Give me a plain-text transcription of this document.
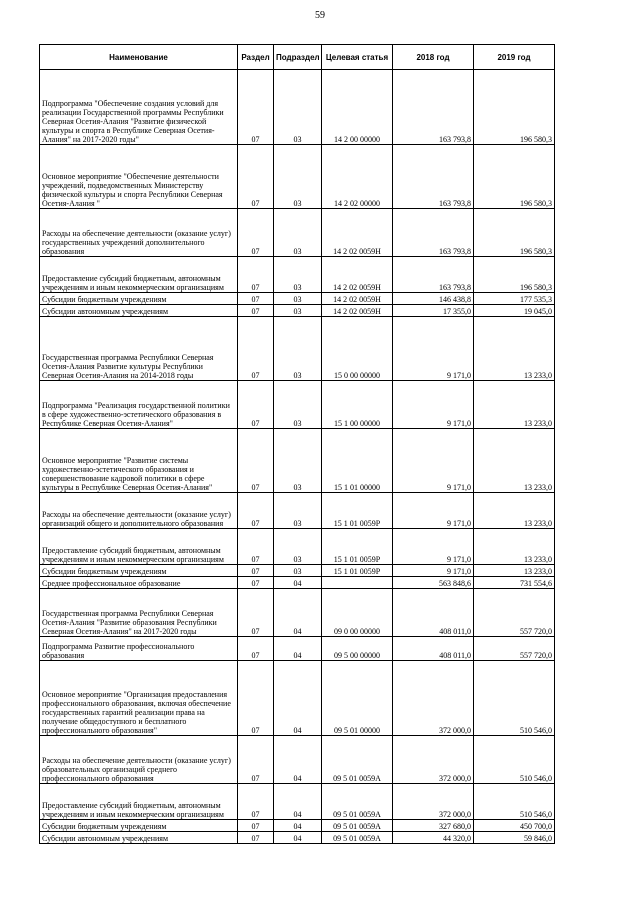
59
Наименование	Раздел	Подраздел	Целевая статья	2018 год	2019 год
Подпрограмма "Обеспечение создания условий для реализации Государственной программы Республики Северная Осетия-Алания "Развитие физической культуры и спорта в Республике Северная Осетия-Алания" на 2017-2020 годы"	07	03	14 2 00 00000	163 793,8	196 580,3
Основное мероприятие "Обеспечение деятельности учреждений, подведомственных Министерству физической культуры и спорта Республики Северная Осетия-Алания "	07	03	14 2 02 00000	163 793,8	196 580,3
Расходы на обеспечение деятельности (оказание услуг) государственных учреждений дополнительного образования	07	03	14 2 02 0059Н	163 793,8	196 580,3
Предоставление субсидий бюджетным, автономным учреждениям и иным некоммерческим организациям	07	03	14 2 02 0059Н	163 793,8	196 580,3
Субсидии бюджетным учреждениям	07	03	14 2 02 0059Н	146 438,8	177 535,3
Субсидии автономным учреждениям	07	03	14 2 02 0059Н	17 355,0	19 045,0
Государственная программа Республики Северная Осетия-Алания Развитие культуры Республики Северная Осетия-Алания на 2014-2018 годы	07	03	15 0 00 00000	9 171,0	13 233,0
Подпрограмма "Реализация государственной политики в сфере художественно-эстетического образования в Республике Северная Осетия-Алания"	07	03	15 1 00 00000	9 171,0	13 233,0
Основное мероприятие "Развитие системы художественно-эстетического образования и совершенствование кадровой политики в сфере культуры в Республике Северная Осетия-Алания"	07	03	15 1 01 00000	9 171,0	13 233,0
Расходы на обеспечение деятельности (оказание услуг) организаций общего и дополнительного образования	07	03	15 1 01 0059Р	9 171,0	13 233,0
Предоставление субсидий бюджетным, автономным учреждениям и иным некоммерческим организациям	07	03	15 1 01 0059Р	9 171,0	13 233,0
Субсидии бюджетным учреждениям	07	03	15 1 01 0059Р	9 171,0	13 233,0
Среднее профессиональное образование	07	04		563 848,6	731 554,6
Государственная программа Республики Северная Осетия-Алания "Развитие образования Республики Северная Осетия-Алания" на 2017-2020 годы	07	04	09 0 00 00000	408 011,0	557 720,0
Подпрограмма Развитие профессионального образования	07	04	09 5 00 00000	408 011,0	557 720,0
Основное мероприятие "Организация предоставления профессионального образования, включая обеспечение государственных гарантий реализации права на получение общедоступного и бесплатного профессионального образования"	07	04	09 5 01 00000	372 000,0	510 546,0
Расходы на обеспечение деятельности (оказание услуг) образовательных организаций среднего профессионального образования	07	04	09 5 01 0059А	372 000,0	510 546,0
Предоставление субсидий бюджетным, автономным учреждениям и иным некоммерческим организациям	07	04	09 5 01 0059А	372 000,0	510 546,0
Субсидии бюджетным учреждениям	07	04	09 5 01 0059А	327 680,0	450 700,0
Субсидии автономным учреждениям	07	04	09 5 01 0059А	44 320,0	59 846,0
